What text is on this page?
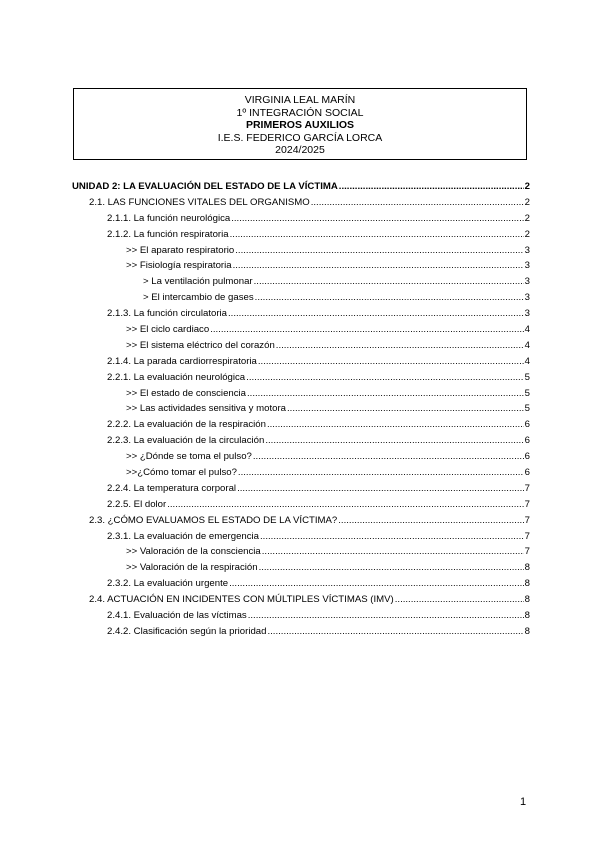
VIRGINIA LEAL MARÍN
1º INTEGRACIÓN SOCIAL
PRIMEROS AUXILIOS
I.E.S. FEDERICO GARCÍA LORCA
2024/2025
UNIDAD 2: LA EVALUACIÓN DEL ESTADO DE LA VÍCTIMA .....	2
2.1. LAS FUNCIONES VITALES DEL ORGANISMO .....	2
2.1.1. La función neurológica .....	2
2.1.2. La función respiratoria .....	2
>> El aparato respiratorio .....	3
>> Fisiología respiratoria .....	3
> La ventilación pulmonar .....	3
> El intercambio de gases .....	3
2.1.3. La función circulatoria .....	3
>> El ciclo cardiaco .....	4
>> El sistema eléctrico del corazón .....	4
2.1.4. La parada cardiorrespiratoria .....	4
2.2.1. La evaluación neurológica .....	5
>> El estado de consciencia .....	5
>> Las actividades sensitiva y motora .....	5
2.2.2. La evaluación de la respiración .....	6
2.2.3. La evaluación de la circulación .....	6
>> ¿Dónde se toma el pulso? .....	6
>>¿Cómo tomar el pulso? .....	6
2.2.4. La temperatura corporal .....	7
2.2.5. El dolor .....	7
2.3. ¿CÓMO EVALUAMOS EL ESTADO DE LA VÍCTIMA? .....	7
2.3.1. La evaluación de emergencia .....	7
>> Valoración de la consciencia .....	7
>> Valoración de la respiración .....	8
2.3.2. La evaluación urgente .....	8
2.4. ACTUACIÓN EN INCIDENTES CON MÚLTIPLES VÍCTIMAS (IMV) .....	8
2.4.1. Evaluación de las víctimas .....	8
2.4.2. Clasificación según la prioridad .....	8
1
